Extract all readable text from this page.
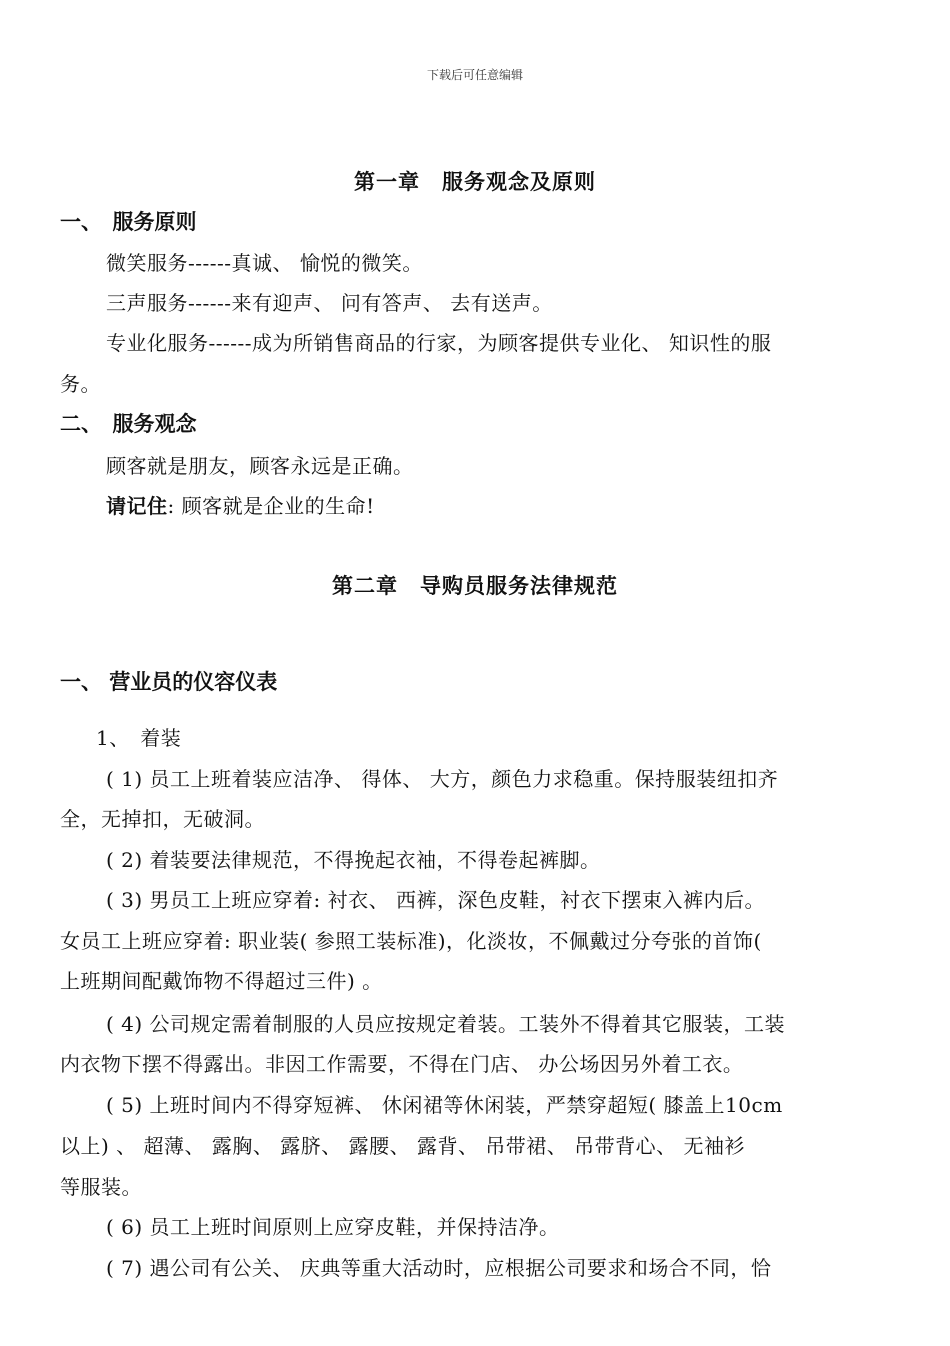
下载后可任意编辑
第一章　服务观念及原则
一、　服务原则
微笑服务------真诚、 愉悦的微笑。
三声服务------来有迎声、 问有答声、 去有送声。
专业化服务------成为所销售商品的行家，为顾客提供专业化、 知识性的服
务。
二、　服务观念
顾客就是朋友，顾客永远是正确。
请记住: 顾客就是企业的生命!
第二章　导购员服务法律规范
一、 营业员的仪容仪表
1、　着装
( 1) 员工上班着装应洁净、 得体、 大方，颜色力求稳重。保持服装纽扣齐
全，无掉扣，无破洞。
( 2) 着装要法律规范，不得挽起衣袖，不得卷起裤脚。
( 3) 男员工上班应穿着: 衬衣、 西裤，深色皮鞋，衬衣下摆束入裤内后。
女员工上班应穿着: 职业装( 参照工装标准)，化淡妆，不佩戴过分夸张的首饰(
上班期间配戴饰物不得超过三件) 。
( 4) 公司规定需着制服的人员应按规定着装。工装外不得着其它服装，工装
内衣物下摆不得露出。非因工作需要，不得在门店、 办公场因另外着工衣。
( 5) 上班时间内不得穿短裤、 休闲裙等休闲装，严禁穿超短( 膝盖上10cm
以上) 、 超薄、 露胸、 露脐、 露腰、 露背、 吊带裙、 吊带背心、 无袖衫
等服装。
( 6) 员工上班时间原则上应穿皮鞋，并保持洁净。
( 7) 遇公司有公关、 庆典等重大活动时，应根据公司要求和场合不同，恰
